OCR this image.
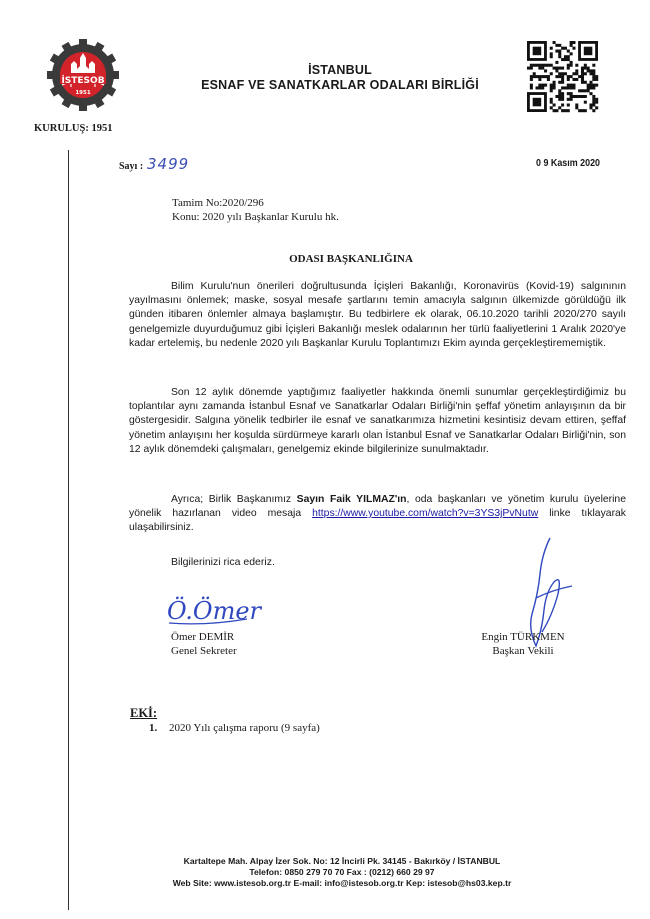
İSTESOB
1951
KURULUŞ: 1951
İSTANBUL
ESNAF VE SANATKARLAR ODALARI BİRLİĞİ
Sayı : 3499	0 9 Kasım 2020
Tamim No:2020/296
Konu: 2020 yılı Başkanlar Kurulu hk.
ODASI BAŞKANLIĞINA
Bilim Kurulu'nun önerileri doğrultusunda İçişleri Bakanlığı, Koronavirüs (Kovid-19) salgınının yayılmasını önlemek; maske, sosyal mesafe şartlarını temin amacıyla salgının ülkemizde görüldüğü ilk günden itibaren önlemler almaya başlamıştır. Bu tedbirlere ek olarak, 06.10.2020 tarihli 2020/270 sayılı genelgemizle duyurduğumuz gibi İçişleri Bakanlığı meslek odalarının her türlü faaliyetlerini 1 Aralık 2020'ye kadar ertelemiş, bu nedenle 2020 yılı Başkanlar Kurulu Toplantımızı Ekim ayında gerçekleştirememiştik.
Son 12 aylık dönemde yaptığımız faaliyetler hakkında önemli sunumlar gerçekleştirdiğimiz bu toplantılar aynı zamanda İstanbul Esnaf ve Sanatkarlar Odaları Birliği'nin şeffaf yönetim anlayışının da bir göstergesidir. Salgına yönelik tedbirler ile esnaf ve sanatkarımıza hizmetini kesintisiz devam ettiren, şeffaf yönetim anlayışını her koşulda sürdürmeye kararlı olan İstanbul Esnaf ve Sanatkarlar Odaları Birliği'nin, son 12 aylık dönemdeki çalışmaları, genelgemiz ekinde bilgilerinize sunulmaktadır.
Ayrıca; Birlik Başkanımız Sayın Faik YILMAZ'ın, oda başkanları ve yönetim kurulu üyelerine yönelik hazırlanan video mesaja https://www.youtube.com/watch?v=3YS3jPvNutw linke tıklayarak ulaşabilirsiniz.
Bilgilerinizi rica ederiz.
Ö.Ömer
Ömer DEMİR
Genel Sekreter
Engin TÜRKMEN
Başkan Vekili
EKİ:
1. 2020 Yılı çalışma raporu (9 sayfa)
Kartaltepe Mah. Alpay İzer Sok. No: 12 İncirli Pk. 34145 - Bakırköy / İSTANBUL
Telefon: 0850 279 70 70 Fax : (0212) 660 29 97
Web Site: www.istesob.org.tr E-mail: info@istesob.org.tr Kep: istesob@hs03.kep.tr
